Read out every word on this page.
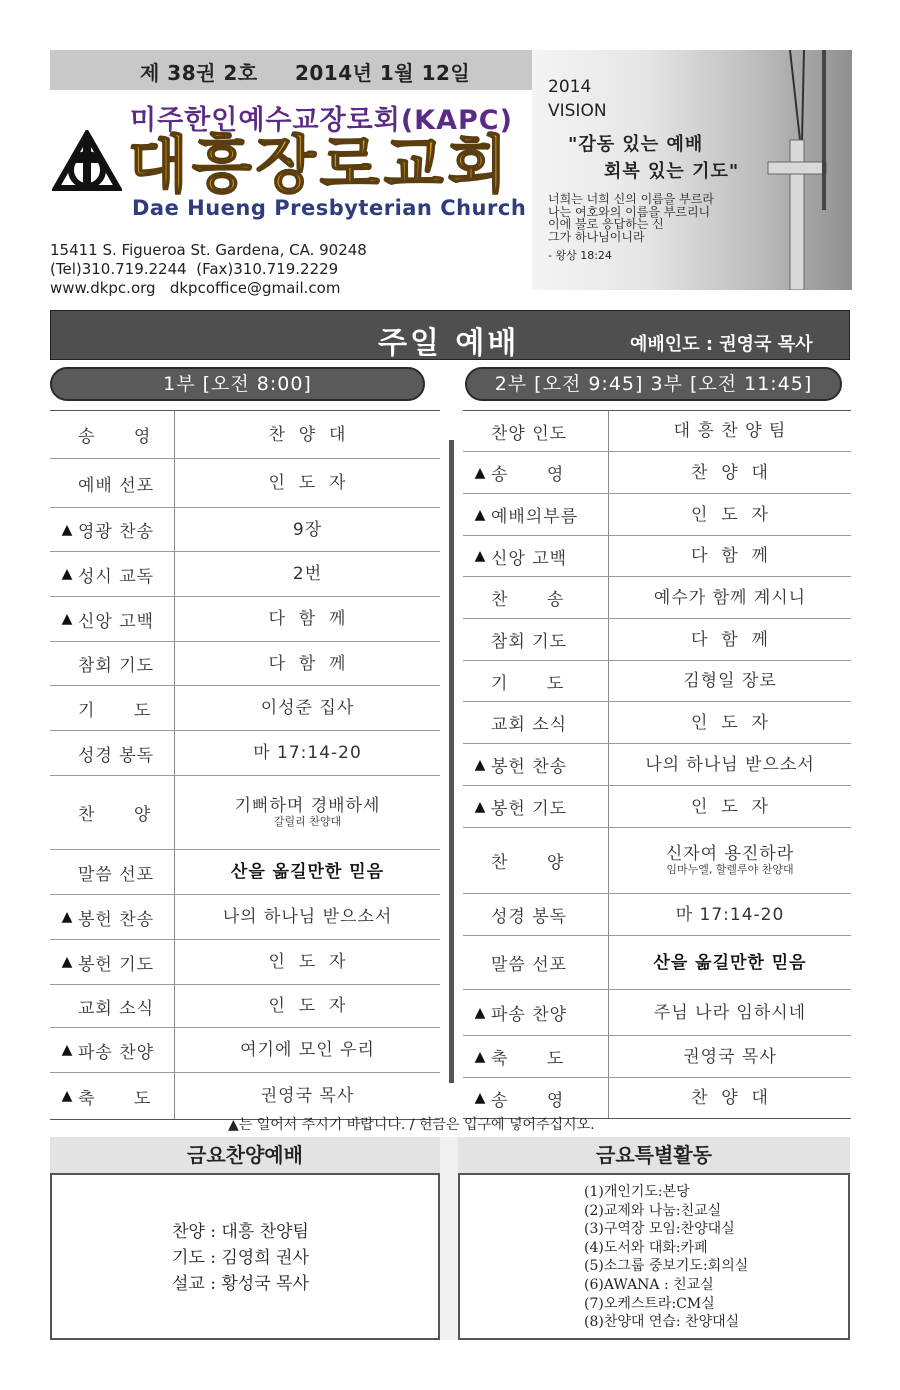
제 38권 2호     2014년 1월 12일
미주한인예수교장로회(KAPC)
대흥장로교회
Dae Hueng Presbyterian Church
15411 S. Figueroa St. Gardena, CA. 90248
(Tel)310.719.2244  (Fax)310.719.2229
www.dkpc.org   dkpcoffice@gmail.com
2014
VISION
"감동 있는 예배
회복 있는 기도"
너희는 너희 신의 이름을 부르라
나는 여호와의 이름을 부르리니
이에 불로 응답하는 신
그가 하나님이니라
- 왕상 18:24
주일 예배	예배인도 : 권영국 목사
1부 [오전 8:00]	2부 [오전 9:45] 3부 [오전 11:45]
송      영	찬  양  대
예배 선포	인  도  자
▲ 영광 찬송	9장
▲ 성시 교독	2번
▲ 신앙 고백	다  함  께
참회 기도	다  함  께
기      도	이성준 집사
성경 봉독	마 17:14-20
찬      양	기뻐하며 경배하세
갈릴리 찬양대
말씀 선포	산을 옮길만한 믿음
▲ 봉헌 찬송	나의 하나님 받으소서
▲ 봉헌 기도	인  도  자
교회 소식	인  도  자
▲ 파송 찬양	여기에 모인 우리
▲ 축      도	권영국 목사
찬양 인도	대 흥 찬 양 팀
▲ 송      영	찬  양  대
▲ 예배의부름	인  도  자
▲ 신앙 고백	다  함  께
찬      송	예수가 함께 계시니
참회 기도	다  함  께
기      도	김형일 장로
교회 소식	인  도  자
▲ 봉헌 찬송	나의 하나님 받으소서
▲ 봉헌 기도	인  도  자
찬      양	신자여 용진하라
임마누엘, 할렐루야 찬양대
성경 봉독	마 17:14-20
말씀 선포	산을 옮길만한 믿음
▲ 파송 찬양	주님 나라 임하시네
▲ 축      도	권영국 목사
▲ 송      영	찬  양  대
▲는 일어서 주시기 바랍니다. / 헌금은 입구에 넣어주십시오.
금요찬양예배	금요특별활동
찬양 : 대흥 찬양팀
기도 : 김영희 권사
설교 : 황성국 목사
(1)개인기도:본당
(2)교제와 나눔:친교실
(3)구역장 모임:찬양대실
(4)도서와 대화:카페
(5)소그룹 중보기도:회의실
(6)AWANA : 친교실
(7)오케스트라:CM실
(8)찬양대 연습: 찬양대실
